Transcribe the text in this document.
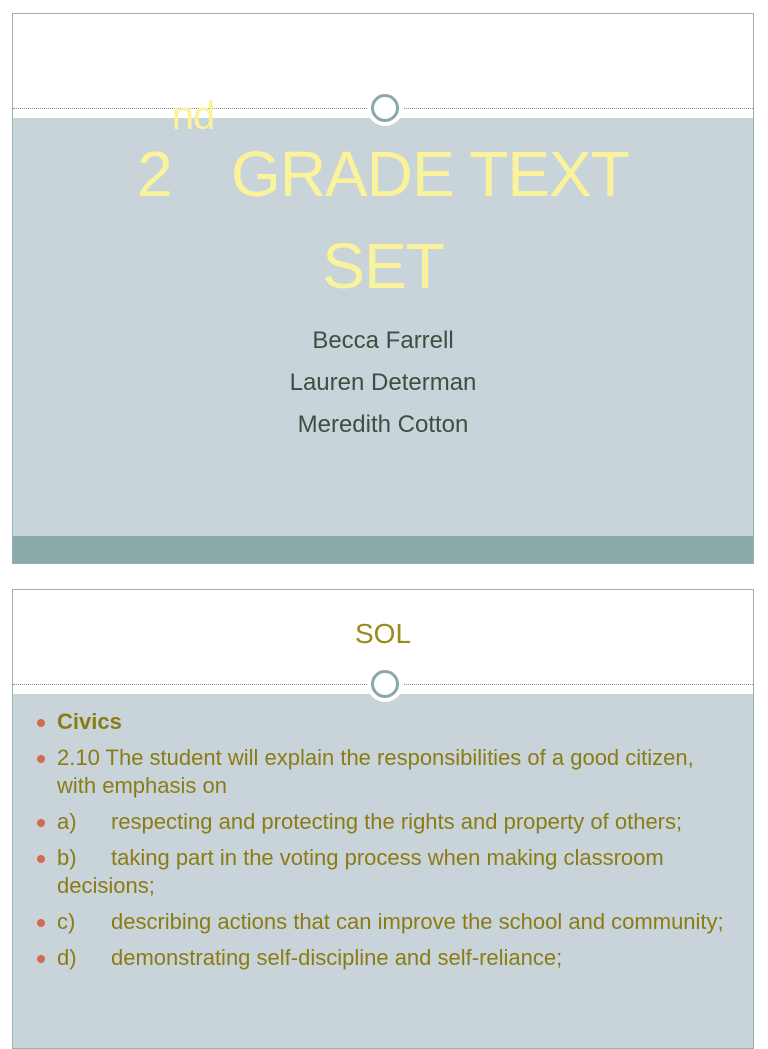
2nd GRADE TEXT
SET
Becca Farrell
Lauren Determan
Meredith Cotton
SOL
Civics
2.10 The student will explain the responsibilities of a good citizen, with emphasis on
a) respecting and protecting the rights and property of others;
b) taking part in the voting process when making classroom decisions;
c) describing actions that can improve the school and community;
d) demonstrating self-discipline and self-reliance;
